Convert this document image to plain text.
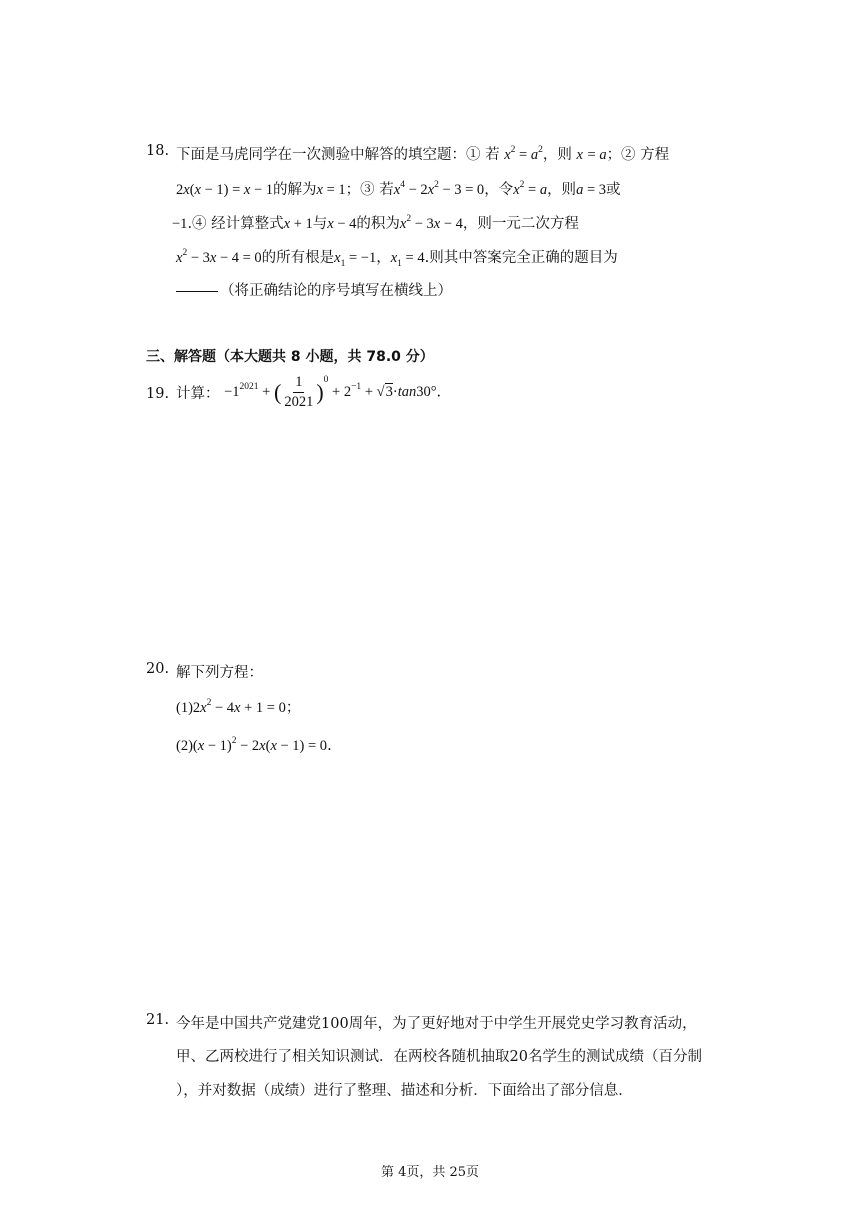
18. 下面是马虎同学在一次测验中解答的填空题：① 若 $x^2 = a^2$，则 x = a；② 方程
2x(x − 1) = x − 1的解为x = 1；③ 若$x^4 - 2x^2 - 3 = 0$，令$x^2 = a$，则a = 3或
−1.④ 经计算整式x + 1与x − 4的积为$x^2 - 3x - 4$，则一元二次方程
$x^2 - 3x - 4 = 0$的所有根是$x_1 = -1$，$x_1 = 4$.则其中答案完全正确的题目为
（将正确结论的序号填写在横线上）
三、解答题（本大题共 8 小题，共 78.0 分）
19. 计算： $-1^{2021}$ + ( $\frac{1}{2021} )^0 + 2^{-1} + √3\cdot\tan 30^\circ$.
20. 解下列方程：
$(1)2x^2 - 4x + 1 = 0$；
$(2)(x - 1)^2 - 2x(x - 1) = 0$.
21. 今年是中国共产党建党100周年，为了更好地对于中学生开展党史学习教育活动，
甲、乙两校进行了相关知识测试．在两校各随机抽取20名学生的测试成绩（百分制
），并对数据（成绩）进行了整理、描述和分析．下面给出了部分信息．
第 4页，共 25页
